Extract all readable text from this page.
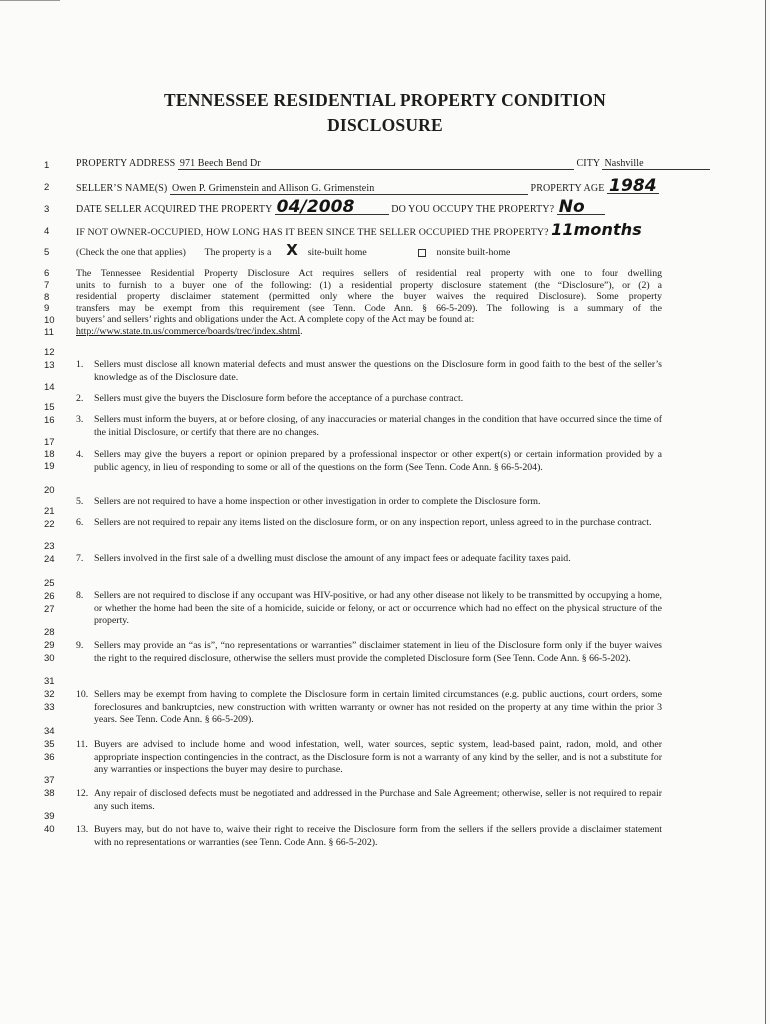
TENNESSEE RESIDENTIAL PROPERTY CONDITION
DISCLOSURE
1
2
3
4
5
6
7
8
9
10
11
12
13
14
15
16
17
18
19
20
21
22
23
24
25
26
27
28
29
30
31
32
33
34
35
36
37
38
39
40
PROPERTY ADDRESS 971 Beech Bend Dr	CITY Nashville
SELLER’S NAME(S) Owen P. Grimenstein and Allison G. Grimenstein	PROPERTY AGE 1984
DATE SELLER ACQUIRED THE PROPERTY 04/2008	DO YOU OCCUPY THE PROPERTY? No
IF NOT OWNER-OCCUPIED, HOW LONG HAS IT BEEN SINCE THE SELLER OCCUPIED THE PROPERTY? 11months
(Check the one that applies) The property is a X site-built home	nonsite built-home
The Tennessee Residential Property Disclosure Act requires sellers of residential real property with one to four dwelling
units to furnish to a buyer one of the following: (1) a residential property disclosure statement (the “Disclosure”), or (2) a
residential property disclaimer statement (permitted only where the buyer waives the required Disclosure). Some property
transfers may be exempt from this requirement (see Tenn. Code Ann. § 66-5-209). The following is a summary of the
buyers’ and sellers’ rights and obligations under the Act. A complete copy of the Act may be found at:
http://www.state.tn.us/commerce/boards/trec/index.shtml.
1.	Sellers must disclose all known material defects and must answer the questions on the Disclosure form in good faith to the best of the seller’s knowledge as of the Disclosure date.
2.	Sellers must give the buyers the Disclosure form before the acceptance of a purchase contract.
3.	Sellers must inform the buyers, at or before closing, of any inaccuracies or material changes in the condition that have occurred since the time of the initial Disclosure, or certify that there are no changes.
4.	Sellers may give the buyers a report or opinion prepared by a professional inspector or other expert(s) or certain information provided by a public agency, in lieu of responding to some or all of the questions on the form (See Tenn. Code Ann. § 66-5-204).
5.	Sellers are not required to have a home inspection or other investigation in order to complete the Disclosure form.
6.	Sellers are not required to repair any items listed on the disclosure form, or on any inspection report, unless agreed to in the purchase contract.
7.	Sellers involved in the first sale of a dwelling must disclose the amount of any impact fees or adequate facility taxes paid.
8.	Sellers are not required to disclose if any occupant was HIV-positive, or had any other disease not likely to be transmitted by occupying a home, or whether the home had been the site of a homicide, suicide or felony, or act or occurrence which had no effect on the physical structure of the property.
9.	Sellers may provide an “as is”, “no representations or warranties” disclaimer statement in lieu of the Disclosure form only if the buyer waives the right to the required disclosure, otherwise the sellers must provide the completed Disclosure form (See Tenn. Code Ann. § 66-5-202).
10. Sellers may be exempt from having to complete the Disclosure form in certain limited circumstances (e.g. public auctions, court orders, some foreclosures and bankruptcies, new construction with written warranty or owner has not resided on the property at any time within the prior 3 years. See Tenn. Code Ann. § 66-5-209).
11. Buyers are advised to include home and wood infestation, well, water sources, septic system, lead-based paint, radon, mold, and other appropriate inspection contingencies in the contract, as the Disclosure form is not a warranty of any kind by the seller, and is not a substitute for any warranties or inspections the buyer may desire to purchase.
12. Any repair of disclosed defects must be negotiated and addressed in the Purchase and Sale Agreement; otherwise, seller is not required to repair any such items.
13. Buyers may, but do not have to, waive their right to receive the Disclosure form from the sellers if the sellers provide a disclaimer statement with no representations or warranties (see Tenn. Code Ann. § 66-5-202).
